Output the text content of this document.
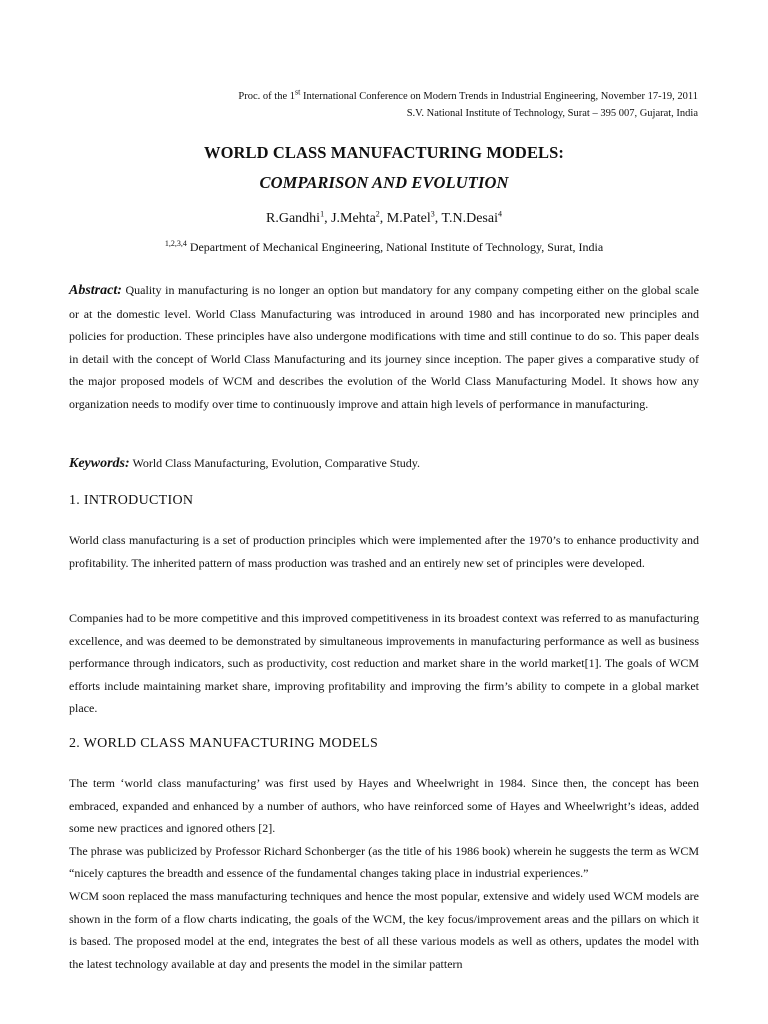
Proc. of the 1st International Conference on Modern Trends in Industrial Engineering, November 17-19, 2011
S.V. National Institute of Technology, Surat – 395 007, Gujarat, India
WORLD CLASS MANUFACTURING MODELS:
COMPARISON AND EVOLUTION
R.Gandhi$^1$, J.Mehta$^2$, M.Patel$^3$, T.N.Desai$^4$
$^{1,2,3,4}$ Department of Mechanical Engineering, National Institute of Technology, Surat, India

Abstract: Quality in manufacturing is no longer an option but mandatory for any company competing either on the global scale or at the domestic level. World Class Manufacturing was introduced in around 1980 and has incorporated new principles and policies for production. These principles have also undergone modifications with time and still continue to do so. This paper deals in detail with the concept of World Class Manufacturing and its journey since inception. The paper gives a comparative study of the major proposed models of WCM and describes the evolution of the World Class Manufacturing Model. It shows how any organization needs to modify over time to continuously improve and attain high levels of performance in manufacturing.

Keywords: World Class Manufacturing, Evolution, Comparative Study.

1. INTRODUCTION

World class manufacturing is a set of production principles which were implemented after the 1970’s to enhance productivity and profitability. The inherited pattern of mass production was trashed and an entirely new set of principles were developed.

Companies had to be more competitive and this improved competitiveness in its broadest context was referred to as manufacturing excellence, and was deemed to be demonstrated by simultaneous improvements in manufacturing performance as well as business performance through indicators, such as productivity, cost reduction and market share in the world market[1]. The goals of WCM efforts include maintaining market share, improving profitability and improving the firm’s ability to compete in a global market place.

2. WORLD CLASS MANUFACTURING MODELS

The term ‘world class manufacturing’ was first used by Hayes and Wheelwright in 1984. Since then, the concept has been embraced, expanded and enhanced by a number of authors, who have reinforced some of Hayes and Wheelwright’s ideas, added some new practices and ignored others [2].

The phrase was publicized by Professor Richard Schonberger (as the title of his 1986 book) wherein he suggests the term as WCM “nicely captures the breadth and essence of the fundamental changes taking place in industrial experiences.”

WCM soon replaced the mass manufacturing techniques and hence the most popular, extensive and widely used WCM models are shown in the form of a flow charts indicating, the goals of the WCM, the key focus/improvement areas and the pillars on which it is based. The proposed model at the end, integrates the best of all these various models as well as others, updates the model with the latest technology available at day and presents the model in the similar pattern
